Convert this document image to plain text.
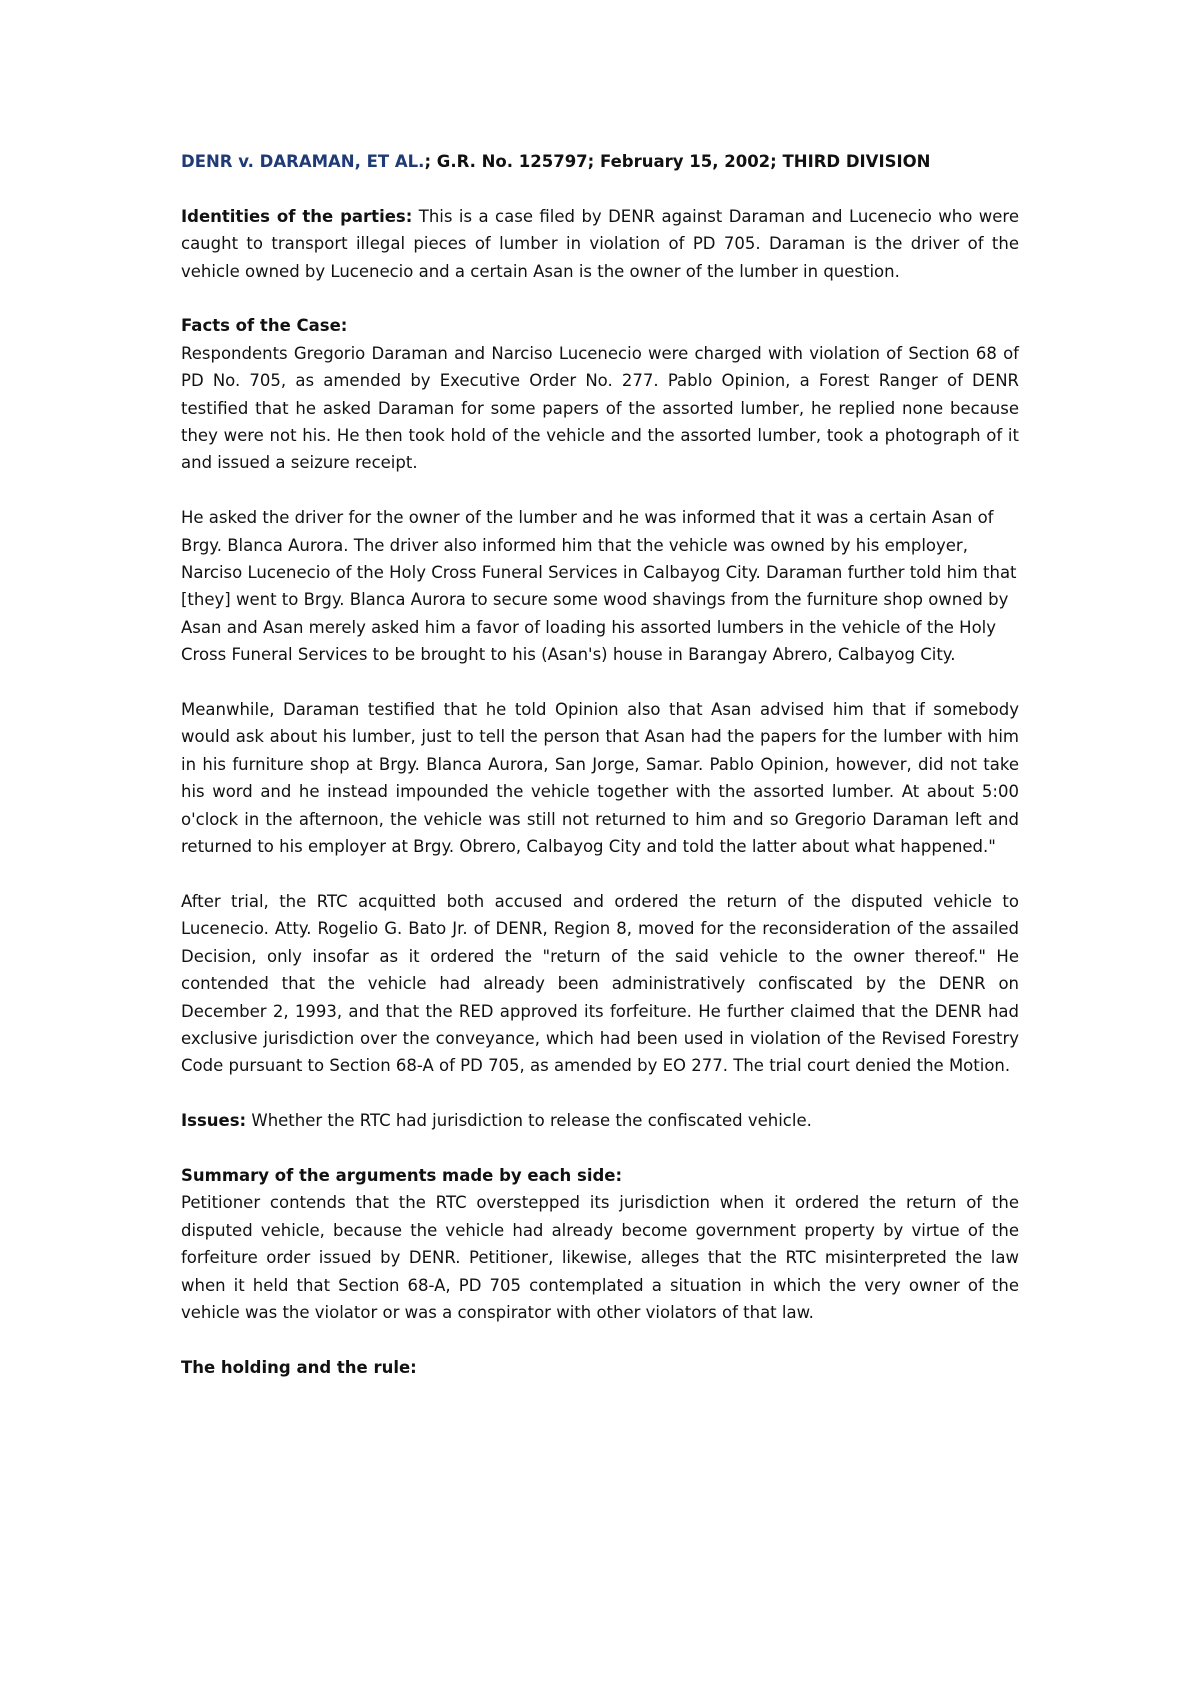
DENR v. DARAMAN, ET AL.; G.R. No. 125797; February 15, 2002; THIRD DIVISION

Identities of the parties: This is a case filed by DENR against Daraman and Lucenecio who were caught to transport illegal pieces of lumber in violation of PD 705. Daraman is the driver of the vehicle owned by Lucenecio and a certain Asan is the owner of the lumber in question.

Facts of the Case:
Respondents Gregorio Daraman and Narciso Lucenecio were charged with violation of Section 68 of PD No. 705, as amended by Executive Order No. 277. Pablo Opinion, a Forest Ranger of DENR testified that he asked Daraman for some papers of the assorted lumber, he replied none because they were not his. He then took hold of the vehicle and the assorted lumber, took a photograph of it and issued a seizure receipt.

He asked the driver for the owner of the lumber and he was informed that it was a certain Asan of Brgy. Blanca Aurora. The driver also informed him that the vehicle was owned by his employer, Narciso Lucenecio of the Holy Cross Funeral Services in Calbayog City. Daraman further told him that [they] went to Brgy. Blanca Aurora to secure some wood shavings from the furniture shop owned by Asan and Asan merely asked him a favor of loading his assorted lumbers in the vehicle of the Holy Cross Funeral Services to be brought to his (Asan's) house in Barangay Abrero, Calbayog City.

Meanwhile, Daraman testified that he told Opinion also that Asan advised him that if somebody would ask about his lumber, just to tell the person that Asan had the papers for the lumber with him in his furniture shop at Brgy. Blanca Aurora, San Jorge, Samar. Pablo Opinion, however, did not take his word and he instead impounded the vehicle together with the assorted lumber. At about 5:00 o'clock in the afternoon, the vehicle was still not returned to him and so Gregorio Daraman left and returned to his employer at Brgy. Obrero, Calbayog City and told the latter about what happened."

After trial, the RTC acquitted both accused and ordered the return of the disputed vehicle to Lucenecio. Atty. Rogelio G. Bato Jr. of DENR, Region 8, moved for the reconsideration of the assailed Decision, only insofar as it ordered the "return of the said vehicle to the owner thereof." He contended that the vehicle had already been administratively confiscated by the DENR on December 2, 1993, and that the RED approved its forfeiture. He further claimed that the DENR had exclusive jurisdiction over the conveyance, which had been used in violation of the Revised Forestry Code pursuant to Section 68-A of PD 705, as amended by EO 277. The trial court denied the Motion.

Issues: Whether the RTC had jurisdiction to release the confiscated vehicle.

Summary of the arguments made by each side:
Petitioner contends that the RTC overstepped its jurisdiction when it ordered the return of the disputed vehicle, because the vehicle had already become government property by virtue of the forfeiture order issued by DENR. Petitioner, likewise, alleges that the RTC misinterpreted the law when it held that Section 68-A, PD 705 contemplated a situation in which the very owner of the vehicle was the violator or was a conspirator with other violators of that law.

The holding and the rule:
